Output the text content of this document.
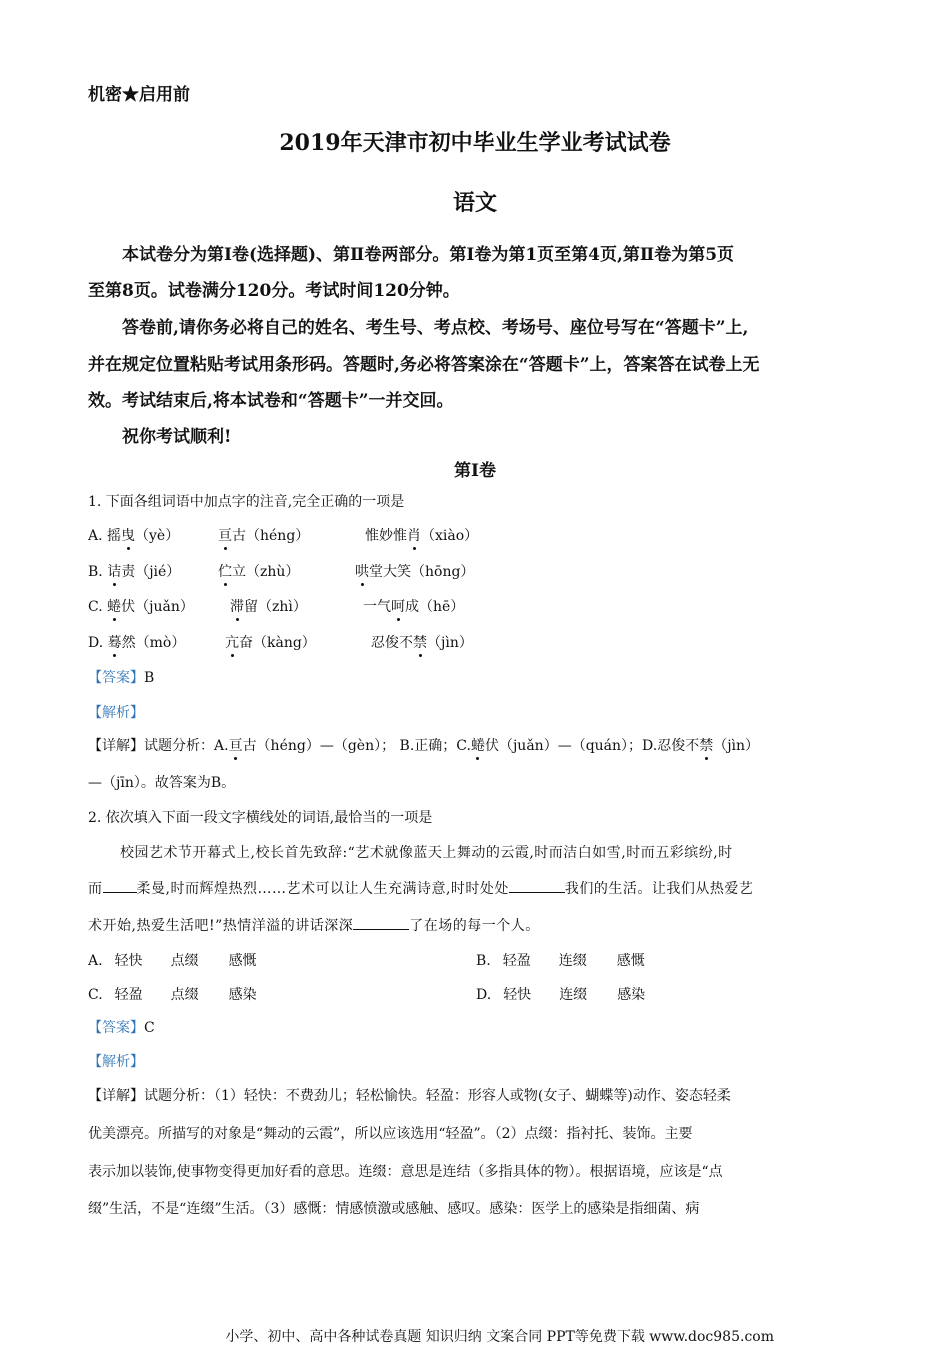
机密★启用前
2019年天津市初中毕业生学业考试试卷
语文
本试卷分为第Ⅰ卷(选择题)、第Ⅱ卷两部分。第Ⅰ卷为第1页至第4页,第Ⅱ卷为第5页
至第8页。试卷满分120分。考试时间120分钟。
答卷前,请你务必将自己的姓名、考生号、考点校、考场号、座位号写在“答题卡”上,
并在规定位置粘贴考试用条形码。答题时,务必将答案涂在“答题卡”上，答案答在试卷上无
效。考试结束后,将本试卷和“答题卡”一并交回。
祝你考试顺利!
第Ⅰ卷
1. 下面各组词语中加点字的注音,完全正确的一项是
A. 摇曳（yè）	亘古（héng）	惟妙惟肖（xiào）
B. 诘责（jié）	伫立（zhù）	哄堂大笑（hōng）
C. 蜷伏（juǎn）	滞留（zhì）	一气呵成（hē）
D. 蓦然（mò）	亢奋（kàng）	忍俊不禁（jìn）
【答案】B
【解析】
【详解】试题分析：A.亘古（héng）—（gèn）； B.正确；C.蜷伏（juǎn）—（quán）；D.忍俊不禁（jìn）
—（jīn）。故答案为B。
2. 依次填入下面一段文字横线处的词语,最恰当的一项是
校园艺术节开幕式上,校长首先致辞:“艺术就像蓝天上舞动的云霞,时而洁白如雪,时而五彩缤纷,时
而 柔曼,时而辉煌热烈……艺术可以让人生充满诗意,时时处处	我们的生活。让我们从热爱艺
术开始,热爱生活吧!”热情洋溢的讲话深深	了在场的每一个人。
A. 轻快 点缀 感慨	B. 轻盈 连缀 感慨
C. 轻盈 点缀 感染	D. 轻快 连缀 感染
【答案】C
【解析】
【详解】试题分析：（1）轻快：不费劲儿；轻松愉快。轻盈：形容人或物(女子、蝴蝶等)动作、姿态轻柔
优美漂亮。所描写的对象是“舞动的云霞”，所以应该选用“轻盈”。（2）点缀：指衬托、装饰。主要
表示加以装饰,使事物变得更加好看的意思。连缀：意思是连结（多指具体的物）。根据语境，应该是“点
缀”生活，不是“连缀”生活。（3）感慨：情感愤激或感触、感叹。感染：医学上的感染是指细菌、病
小学、初中、高中各种试卷真题 知识归纳 文案合同 PPT等免费下载 www.doc985.com
